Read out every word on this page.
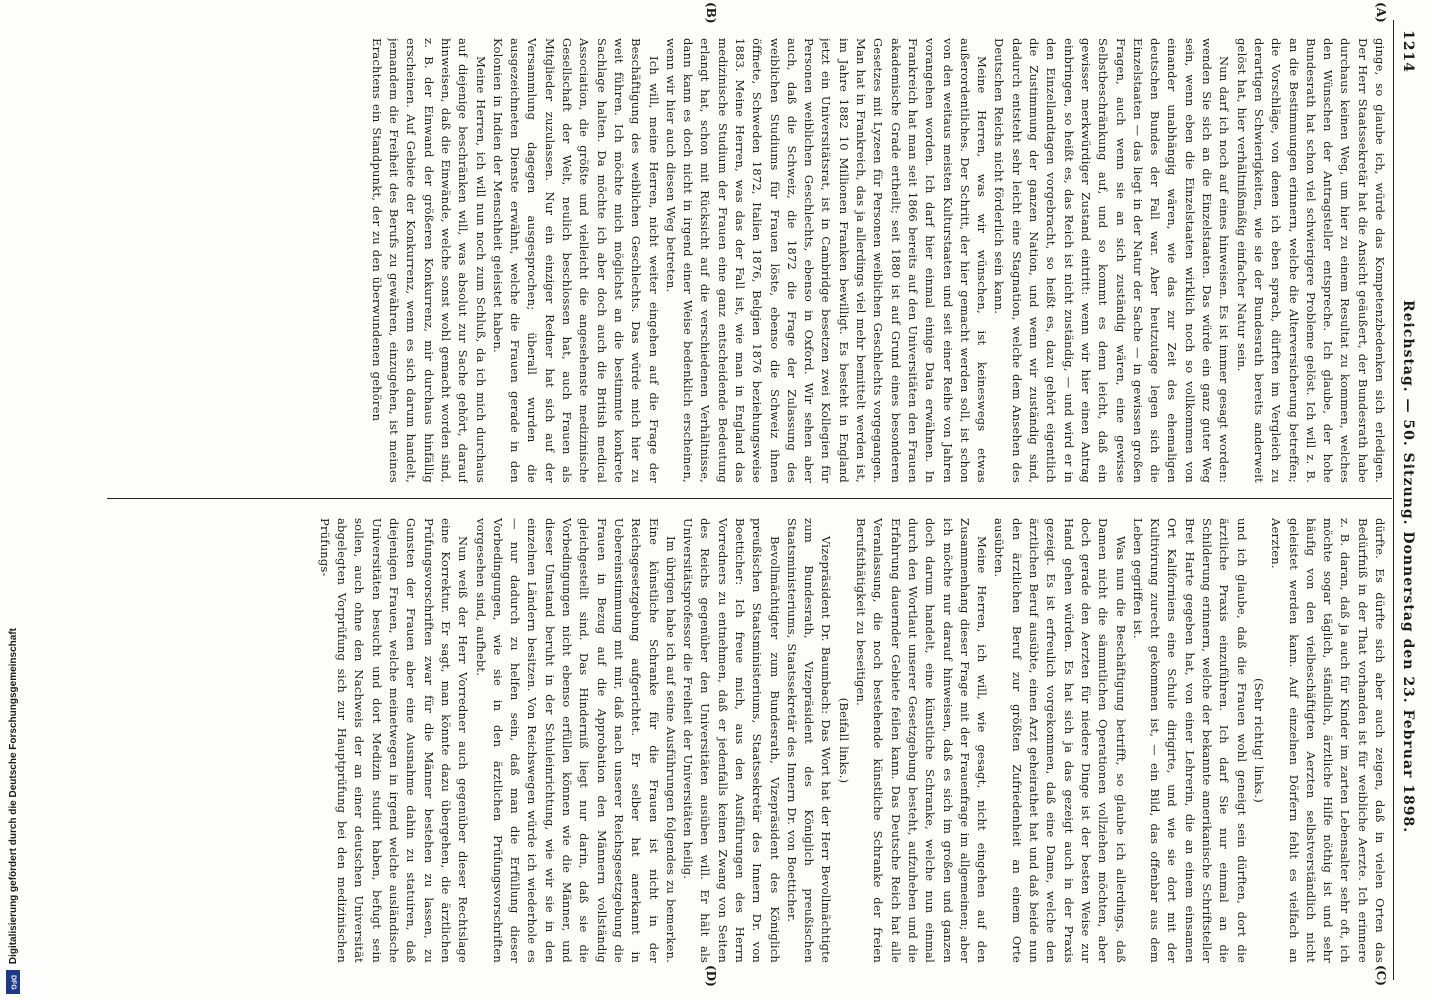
1214
Reichstag. — 50. Sitzung. Donnerstag den 23. Februar 1898.
(A)
(B)
(C)
(D)

ginge, so glaube ich, würde das Kompetenzbedenken sich erledigen. Der Herr Staatssekretär hat die Ansicht geäußert, der Bundesrath habe durchaus keinen Weg, um hier zu einem Resultat zu kommen, welches den Wünschen der Antragsteller entspreche. Ich glaube, der hohe Bundesrath hat schon viel schwierigere Probleme gelöst. Ich will z. B. an die Bestimmungen erinnern, welche die Alterversicherung betreffen; die Vorschläge, von denen ich eben sprach, dürften im Vergleich zu derartigen Schwierigkeiten, wie sie der Bundesrath bereits anderweit gelöst hat, hier verhältnißmäßig einfacher Natur sein.

Nun darf ich noch auf eines hinweisen. Es ist immer gesagt worden: wenden Sie sich an die Einzelstaaten. Das würde ein ganz guter Weg sein, wenn eben die Einzelstaaten wirklich noch so vollkommen von einander unabhängig wären, wie das zur Zeit des ehemaligen deutschen Bundes der Fall war. Aber heutzutage legen sich die Einzelstaaten — das liegt in der Natur der Sache — in gewissen großen Fragen, auch wenn sie an sich zuständig wären, eine gewisse Selbstbeschränkung auf, und so kommt es denn leicht, daß ein gewisser merkwürdiger Zustand eintritt: wenn wir hier einen Antrag einbringen, so heißt es, das Reich ist nicht zuständig, — und wird er in den Einzellandtagen vorgebracht, so heißt es, dazu gehört eigentlich die Zustimmung der ganzen Nation, und wenn wir zuständig sind, dadurch entsteht sehr leicht eine Stagnation, welche dem Ansehen des Deutschen Reichs nicht förderlich sein kann.

Meine Herren, was wir wünschen, ist keineswegs etwas außerordentliches. Der Schritt, der hier gemacht werden soll, ist schon von den weitaus meisten Kulturstaaten und seit einer Reihe von Jahren vorangehen worden. Ich darf hier einmal einige Data erwähnen. In Frankreich hat man seit 1866 bereits auf den Universitäten den Frauen akademische Grade ertheilt; seit 1880 ist auf Grund eines besonderen Gesetzes mit Lyzeen für Personen weiblichen Geschlechts vorgegangen. Man hat in Frankreich, das ja allerdings viel mehr bemittelt werden ist, im Jahre 1882 10 Millionen Franken bewilligt. Es besteht in England jetzt ein Universitätsrat, ist in Cambridge besetzen zwei Kollegien für Personen weiblichen Geschlechts, ebenso in Oxford. Wir sehen aber auch, daß die Schweiz, die 1872 die Frage der Zulassung des weiblichen Studiums für Frauen löste, ebenso die Schweiz ihnen öffnete, Schweden 1872, Italien 1876, Belgien 1876 beziehungsweise 1883. Meine Herren, was das der Fall ist, wie man in England das medizinische Studium der Frauen eine ganz entscheidende Bedeutung erlangt hat, schon mit Rücksicht auf die verschiedenen Verhältnisse, dann kann es doch nicht in irgend einer Weise bedenklich erscheinen, wenn wir hier auch diesen Weg betreten.

Ich will, meine Herren, nicht weiter eingehen auf die Frage der Beschäftigung des weiblichen Geschlechts. Das würde mich hier zu weit führen. Ich möchte mich möglichst an die bestimmte konkrete Sachlage halten. Da möchte ich aber doch auch die British medical Association, die größte und vielleicht die angesehenste medizinische Gesellschaft der Welt, neulich beschlossen hat, auch Frauen als Mitglieder zuzulassen. Nur ein einziger Redner hat sich auf der Versammlung dagegen ausgesprochen; überall wurden die ausgezeichneten Dienste erwähnt, welche die Frauen gerade in den Kolonien in Indien der Menschheit geleistet haben.

Meine Herren, ich will nun noch zum Schluß, da ich mich durchaus auf diejenige beschränken will, was absolut zur Sache gehört, darauf hinweisen, daß die Einwände, welche sonst wohl gemacht worden sind, z. B. der Einwand der größeren Konkurrenz, mir durchaus hinfällig erscheinen. Auf Gebiete der Konkurrenz, wenn es sich darum handelt, jemandem die Freiheit des Berufs zu gewähren, einzugehen, ist meines Erachtens ein Standpunkt, der zu den überwundenen gehören

dürfte. Es dürfte sich aber auch zeigen, daß in vielen Orten das Bedürfniß in der That vorhanden ist für weibliche Aerzte. Ich erinnere z. B. daran, daß ja auch für Kinder im zarten Lebensalter sehr oft, ich möchte sogar täglich, ständlich, ärztliche Hilfe nöthig ist und sehr häufig von den vielbeschäftigten Aerzten selbstverständlich nicht geleistet werden kann. Auf einzelnen Dörfern fehlt es vielfach an Aerzten.

(Sehr richtig! links.)

und ich glaube, daß die Frauen wohl geneigt sein dürften, dort die ärztliche Praxis einzuführen. Ich darf Sie nur einmal an die Schilderung erinnern, welche der bekannte amerikanische Schriftsteller Bret Harte gegeben hat, von einer Lehrerin, die an einem einsamen Ort Kaliforniens eine Schule dirigirte, und wie sie dort mit der Kultivirung zurecht gekommen ist, — ein Bild, das offenbar aus dem Leben gegriffen ist.

Was nun die Beschäftigung betrifft, so glaube ich allerdings, daß Damen nicht die sämmtlichen Operationen vollziehen möchten, aber doch gerade den Aerzten für niedere Dinge ist der besten Weise zur Hand gehen würden. Es hat sich ja das gezeigt auch in der Praxis gezeigt. Es ist erfreulich vorgekommen, daß eine Dame, welche den ärztlichen Beruf ausübte, einen Arzt geheirathet hat und daß beide nun den ärztlichen Beruf zur größten Zufriedenheit an einem Orte ausübten.

Meine Herren, ich will, wie gesagt, nicht eingehen auf den Zusammenhang dieser Frage mit der Frauenfrage im allgemeinen; aber ich möchte nur darauf hinweisen, daß es sich im großen und ganzen doch darum handelt, eine künstliche Schranke, welche nun einmal durch den Wortlaut unserer Gesetzgebung besteht, aufzuheben und die Erfahrung dauernder Gebiete feilen kann. Das Deutsche Reich hat alle Veranlassung, die noch bestehende künstliche Schranke der freien Berufsthätigkeit zu beseitigen.

(Beifall links.)

Vizepräsident Dr. Baumbach: Das Wort hat der Herr Bevollmächtigte zum Bundesrath, Vizepräsident des Königlich preußischen Staatsministeriums, Staatssekretär des Innern Dr. von Boetticher.

Bevollmächtigter zum Bundesrath, Vizepräsident des Königlich preußischen Staatsministeriums, Staatssekretär des Innern Dr. von Boetticher: Ich freue mich, aus den Ausführungen des Herrn Vorredners zu entnehmen, daß er jedenfalls keinen Zwang von Seiten des Reichs gegenüber den Universitäten ausüben will. Er hält als Universitätsprofessor die Freiheit der Universitäten heilig.

Im übrigen habe ich auf seine Ausführungen folgendes zu bemerken. Eine künstliche Schranke für die Frauen ist nicht in der Reichsgesetzgebung aufgerichtet. Er selber hat anerkannt in Uebereinstimmung mit mir, daß nach unserer Reichsgesetzgebung die Frauen in Bezug auf die Approbation den Männern vollständig gleichgestellt sind. Das Hinderniß liegt nur darin, daß sie die Vorbedingungen nicht ebenso erfüllen können wie die Männer, und dieser Umstand beruht in der Schuleinrichtung, wie wir sie in den einzelnen Ländern besitzen. Von Reichswegen würde ich wiederhole es — nur dadurch zu helfen sein, daß man die Erfüllung dieser Vorbedingungen, wie sie in den ärztlichen Prüfungsvorschriften vorgesehen sind, aufhebt.

Nun weiß der Herr Vorredner auch gegenüber dieser Rechtslage eine Korrektur. Er sagt, man könnte dazu übergehen, die ärztlichen Prüfungsvorschriften zwar für die Männer bestehen zu lassen, zu Gunsten der Frauen aber eine Ausnahme dahin zu statuiren, daß diejenigen Frauen, welche meinetwegen in irgend welche ausländische Universitäten besucht und dort Medizin studirt haben, befugt sein sollen, auch ohne den Nachweis der an einer deutschen Universität abgelegten Vorprüfung sich zur Hauptprüfung bei den medizinischen Prüfungs-

Digitalisierung gefördert durch die Deutsche Forschungsgemeinschaft
DFG
